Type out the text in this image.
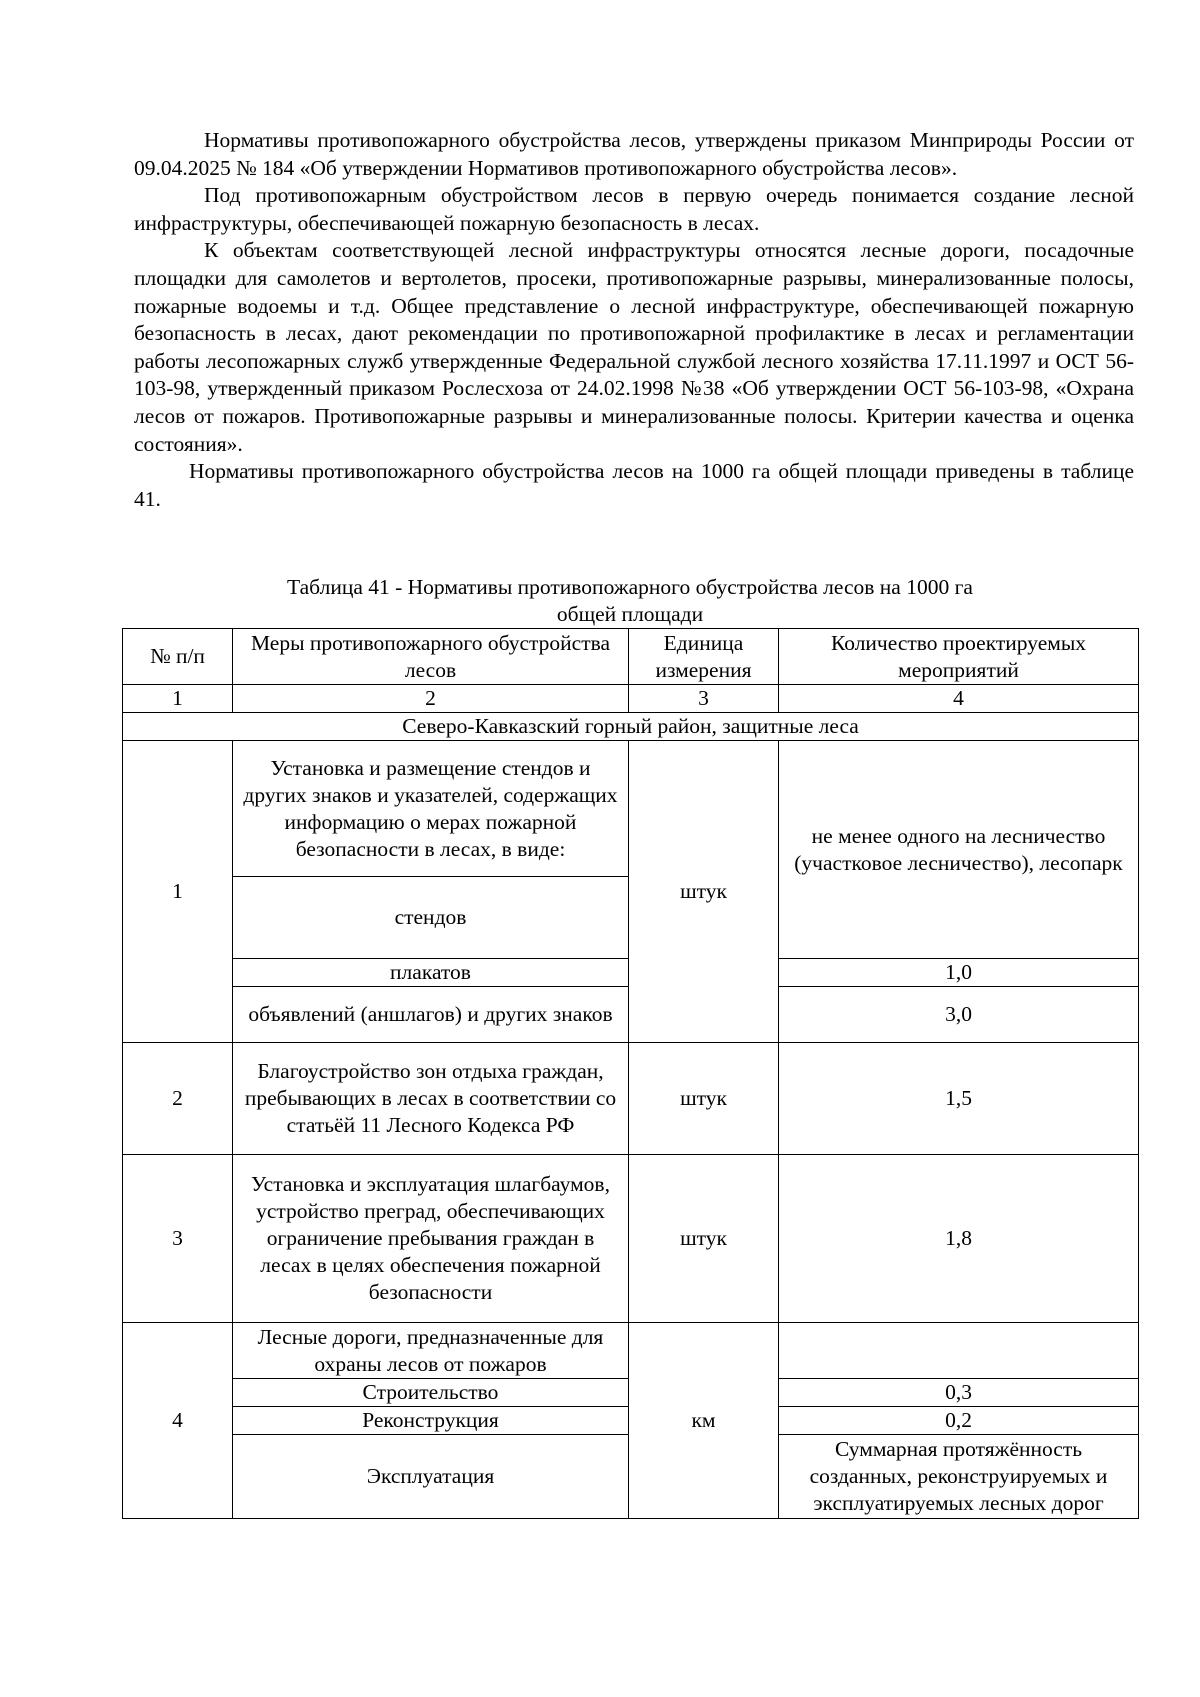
Нормативы противопожарного обустройства лесов, утверждены приказом Минприроды России от 09.04.2025 № 184 «Об утверждении Нормативов противопожарного обустройства лесов».

Под противопожарным обустройством лесов в первую очередь понимается создание лесной инфраструктуры, обеспечивающей пожарную безопасность в лесах.

К объектам соответствующей лесной инфраструктуры относятся лесные дороги, посадочные площадки для самолетов и вертолетов, просеки, противопожарные разрывы, минерализованные полосы, пожарные водоемы и т.д. Общее представление о лесной инфраструктуре, обеспечивающей пожарную безопасность в лесах, дают рекомендации по противопожарной профилактике в лесах и регламентации работы лесопожарных служб утвержденные Федеральной службой лесного хозяйства 17.11.1997 и ОСТ 56-103-98, утвержденный приказом Рослесхоза от 24.02.1998 №38 «Об утверждении ОСТ 56-103-98, «Охрана лесов от пожаров. Противопожарные разрывы и минерализованные полосы. Критерии качества и оценка состояния».

Нормативы противопожарного обустройства лесов на 1000 га общей площади приведены в таблице 41.

Таблица 41 - Нормативы противопожарного обустройства лесов на 1000 га
общей площади
№ п/п	Меры противопожарного обустройства лесов	Единица измерения	Количество проектируемых мероприятий
1	2	3	4
Северо-Кавказский горный район, защитные леса			
1	Установка и размещение стендов и других знаков и указателей, содержащих информацию о мерах пожарной безопасности в лесах, в виде:	штук	не менее одного на лесничество (участковое лесничество), лесопарк
	стендов		
	плакатов		1,0
	объявлений (аншлагов) и других знаков		3,0
2	Благоустройство зон отдыха граждан, пребывающих в лесах в соответствии со статьёй 11 Лесного Кодекса РФ	штук	1,5
3	Установка и эксплуатация шлагбаумов, устройство преград, обеспечивающих ограничение пребывания граждан в лесах в целях обеспечения пожарной безопасности	штук	1,8
4	Лесные дороги, предназначенные для охраны лесов от пожаров	км	
	Строительство		0,3
	Реконструкция		0,2
	Эксплуатация		Суммарная протяжённость созданных, реконструируемых и эксплуатируемых лесных дорог
